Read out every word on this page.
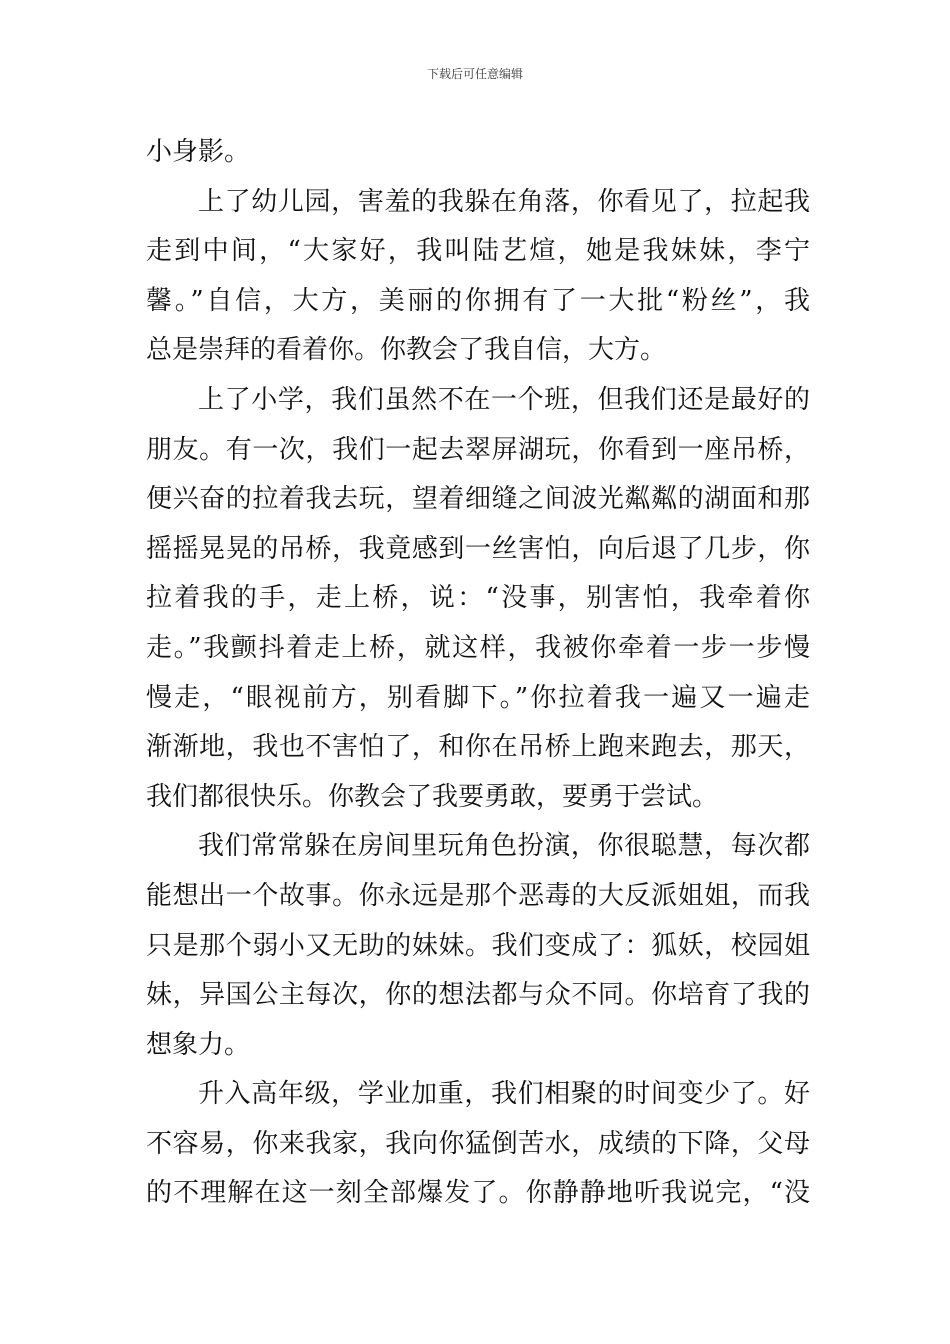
下载后可任意编辑
小身影。
上了幼儿园，害羞的我躲在角落，你看见了，拉起我
走到中间，“大家好，我叫陆艺煊，她是我妹妹，李宁
馨。”自信，大方，美丽的你拥有了一大批“粉丝”，我
总是崇拜的看着你。你教会了我自信，大方。
上了小学，我们虽然不在一个班，但我们还是最好的
朋友。有一次，我们一起去翠屏湖玩，你看到一座吊桥，
便兴奋的拉着我去玩，望着细缝之间波光粼粼的湖面和那
摇摇晃晃的吊桥，我竟感到一丝害怕，向后退了几步，你
拉着我的手，走上桥，说：“没事，别害怕，我牵着你
走。”我颤抖着走上桥，就这样，我被你牵着一步一步慢
慢走，“眼视前方，别看脚下。”你拉着我一遍又一遍走
渐渐地，我也不害怕了，和你在吊桥上跑来跑去，那天，
我们都很快乐。你教会了我要勇敢，要勇于尝试。
我们常常躲在房间里玩角色扮演，你很聪慧，每次都
能想出一个故事。你永远是那个恶毒的大反派姐姐，而我
只是那个弱小又无助的妹妹。我们变成了：狐妖，校园姐
妹，异国公主每次，你的想法都与众不同。你培育了我的
想象力。
升入高年级，学业加重，我们相聚的时间变少了。好
不容易，你来我家，我向你猛倒苦水，成绩的下降，父母
的不理解在这一刻全部爆发了。你静静地听我说完，“没
